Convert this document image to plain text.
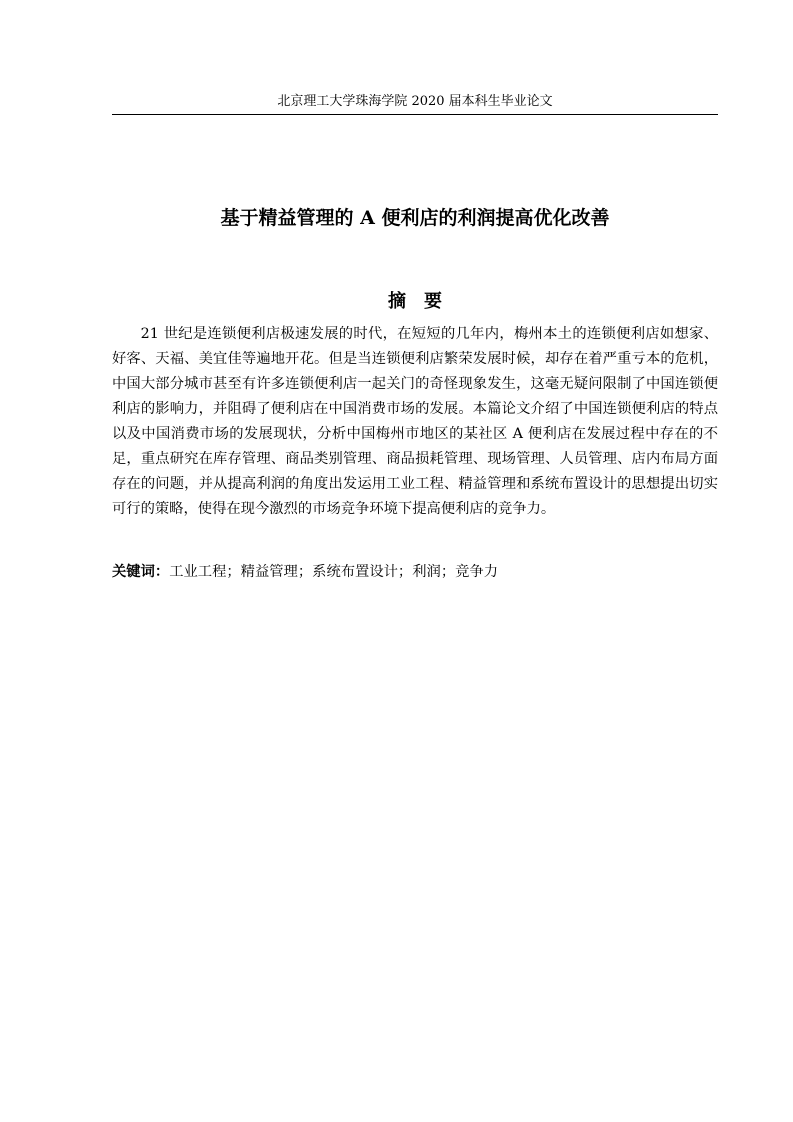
北京理工大学珠海学院 2020 届本科生毕业论文
基于精益管理的 A 便利店的利润提高优化改善
摘　要

21 世纪是连锁便利店极速发展的时代，在短短的几年内，梅州本土的连锁便利店如想家、好客、天福、美宜佳等遍地开花。但是当连锁便利店繁荣发展时候，却存在着严重亏本的危机，中国大部分城市甚至有许多连锁便利店一起关门的奇怪现象发生，这毫无疑问限制了中国连锁便利店的影响力，并阻碍了便利店在中国消费市场的发展。本篇论文介绍了中国连锁便利店的特点以及中国消费市场的发展现状，分析中国梅州市地区的某社区 A 便利店在发展过程中存在的不足，重点研究在库存管理、商品类别管理、商品损耗管理、现场管理、人员管理、店内布局方面存在的问题，并从提高利润的角度出发运用工业工程、精益管理和系统布置设计的思想提出切实可行的策略，使得在现今激烈的市场竞争环境下提高便利店的竞争力。

关键词：工业工程；精益管理；系统布置设计；利润；竞争力
